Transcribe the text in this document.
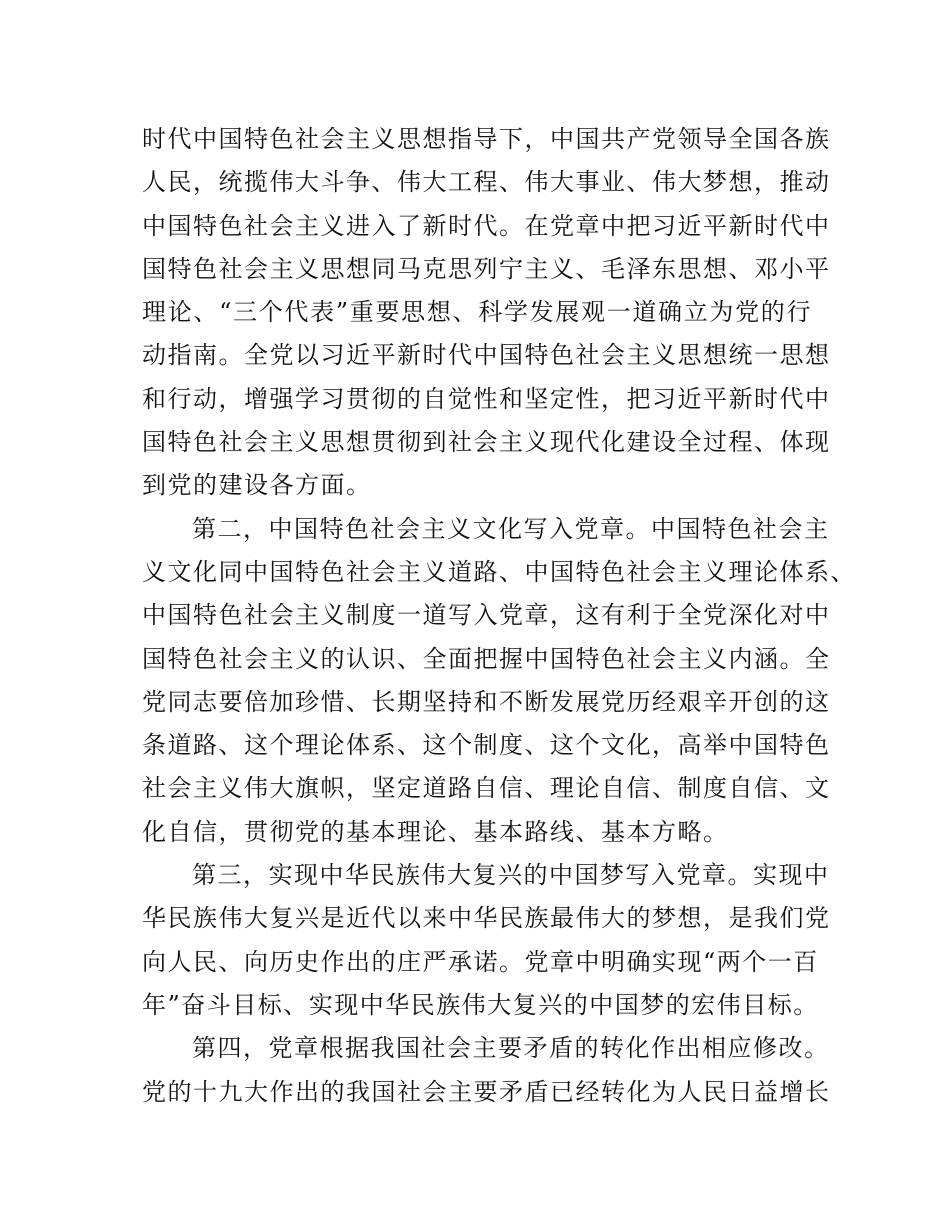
时代中国特色社会主义思想指导下，中国共产党领导全国各族
人民，统揽伟大斗争、伟大工程、伟大事业、伟大梦想，推动
中国特色社会主义进入了新时代。在党章中把习近平新时代中
国特色社会主义思想同马克思列宁主义、毛泽东思想、邓小平
理论、“三个代表”重要思想、科学发展观一道确立为党的行
动指南。全党以习近平新时代中国特色社会主义思想统一思想
和行动，增强学习贯彻的自觉性和坚定性，把习近平新时代中
国特色社会主义思想贯彻到社会主义现代化建设全过程、体现
到党的建设各方面。
第二，中国特色社会主义文化写入党章。中国特色社会主
义文化同中国特色社会主义道路、中国特色社会主义理论体系、
中国特色社会主义制度一道写入党章，这有利于全党深化对中
国特色社会主义的认识、全面把握中国特色社会主义内涵。全
党同志要倍加珍惜、长期坚持和不断发展党历经艰辛开创的这
条道路、这个理论体系、这个制度、这个文化，高举中国特色
社会主义伟大旗帜，坚定道路自信、理论自信、制度自信、文
化自信，贯彻党的基本理论、基本路线、基本方略。
第三，实现中华民族伟大复兴的中国梦写入党章。实现中
华民族伟大复兴是近代以来中华民族最伟大的梦想，是我们党
向人民、向历史作出的庄严承诺。党章中明确实现“两个一百
年”奋斗目标、实现中华民族伟大复兴的中国梦的宏伟目标。
第四，党章根据我国社会主要矛盾的转化作出相应修改。
党的十九大作出的我国社会主要矛盾已经转化为人民日益增长
